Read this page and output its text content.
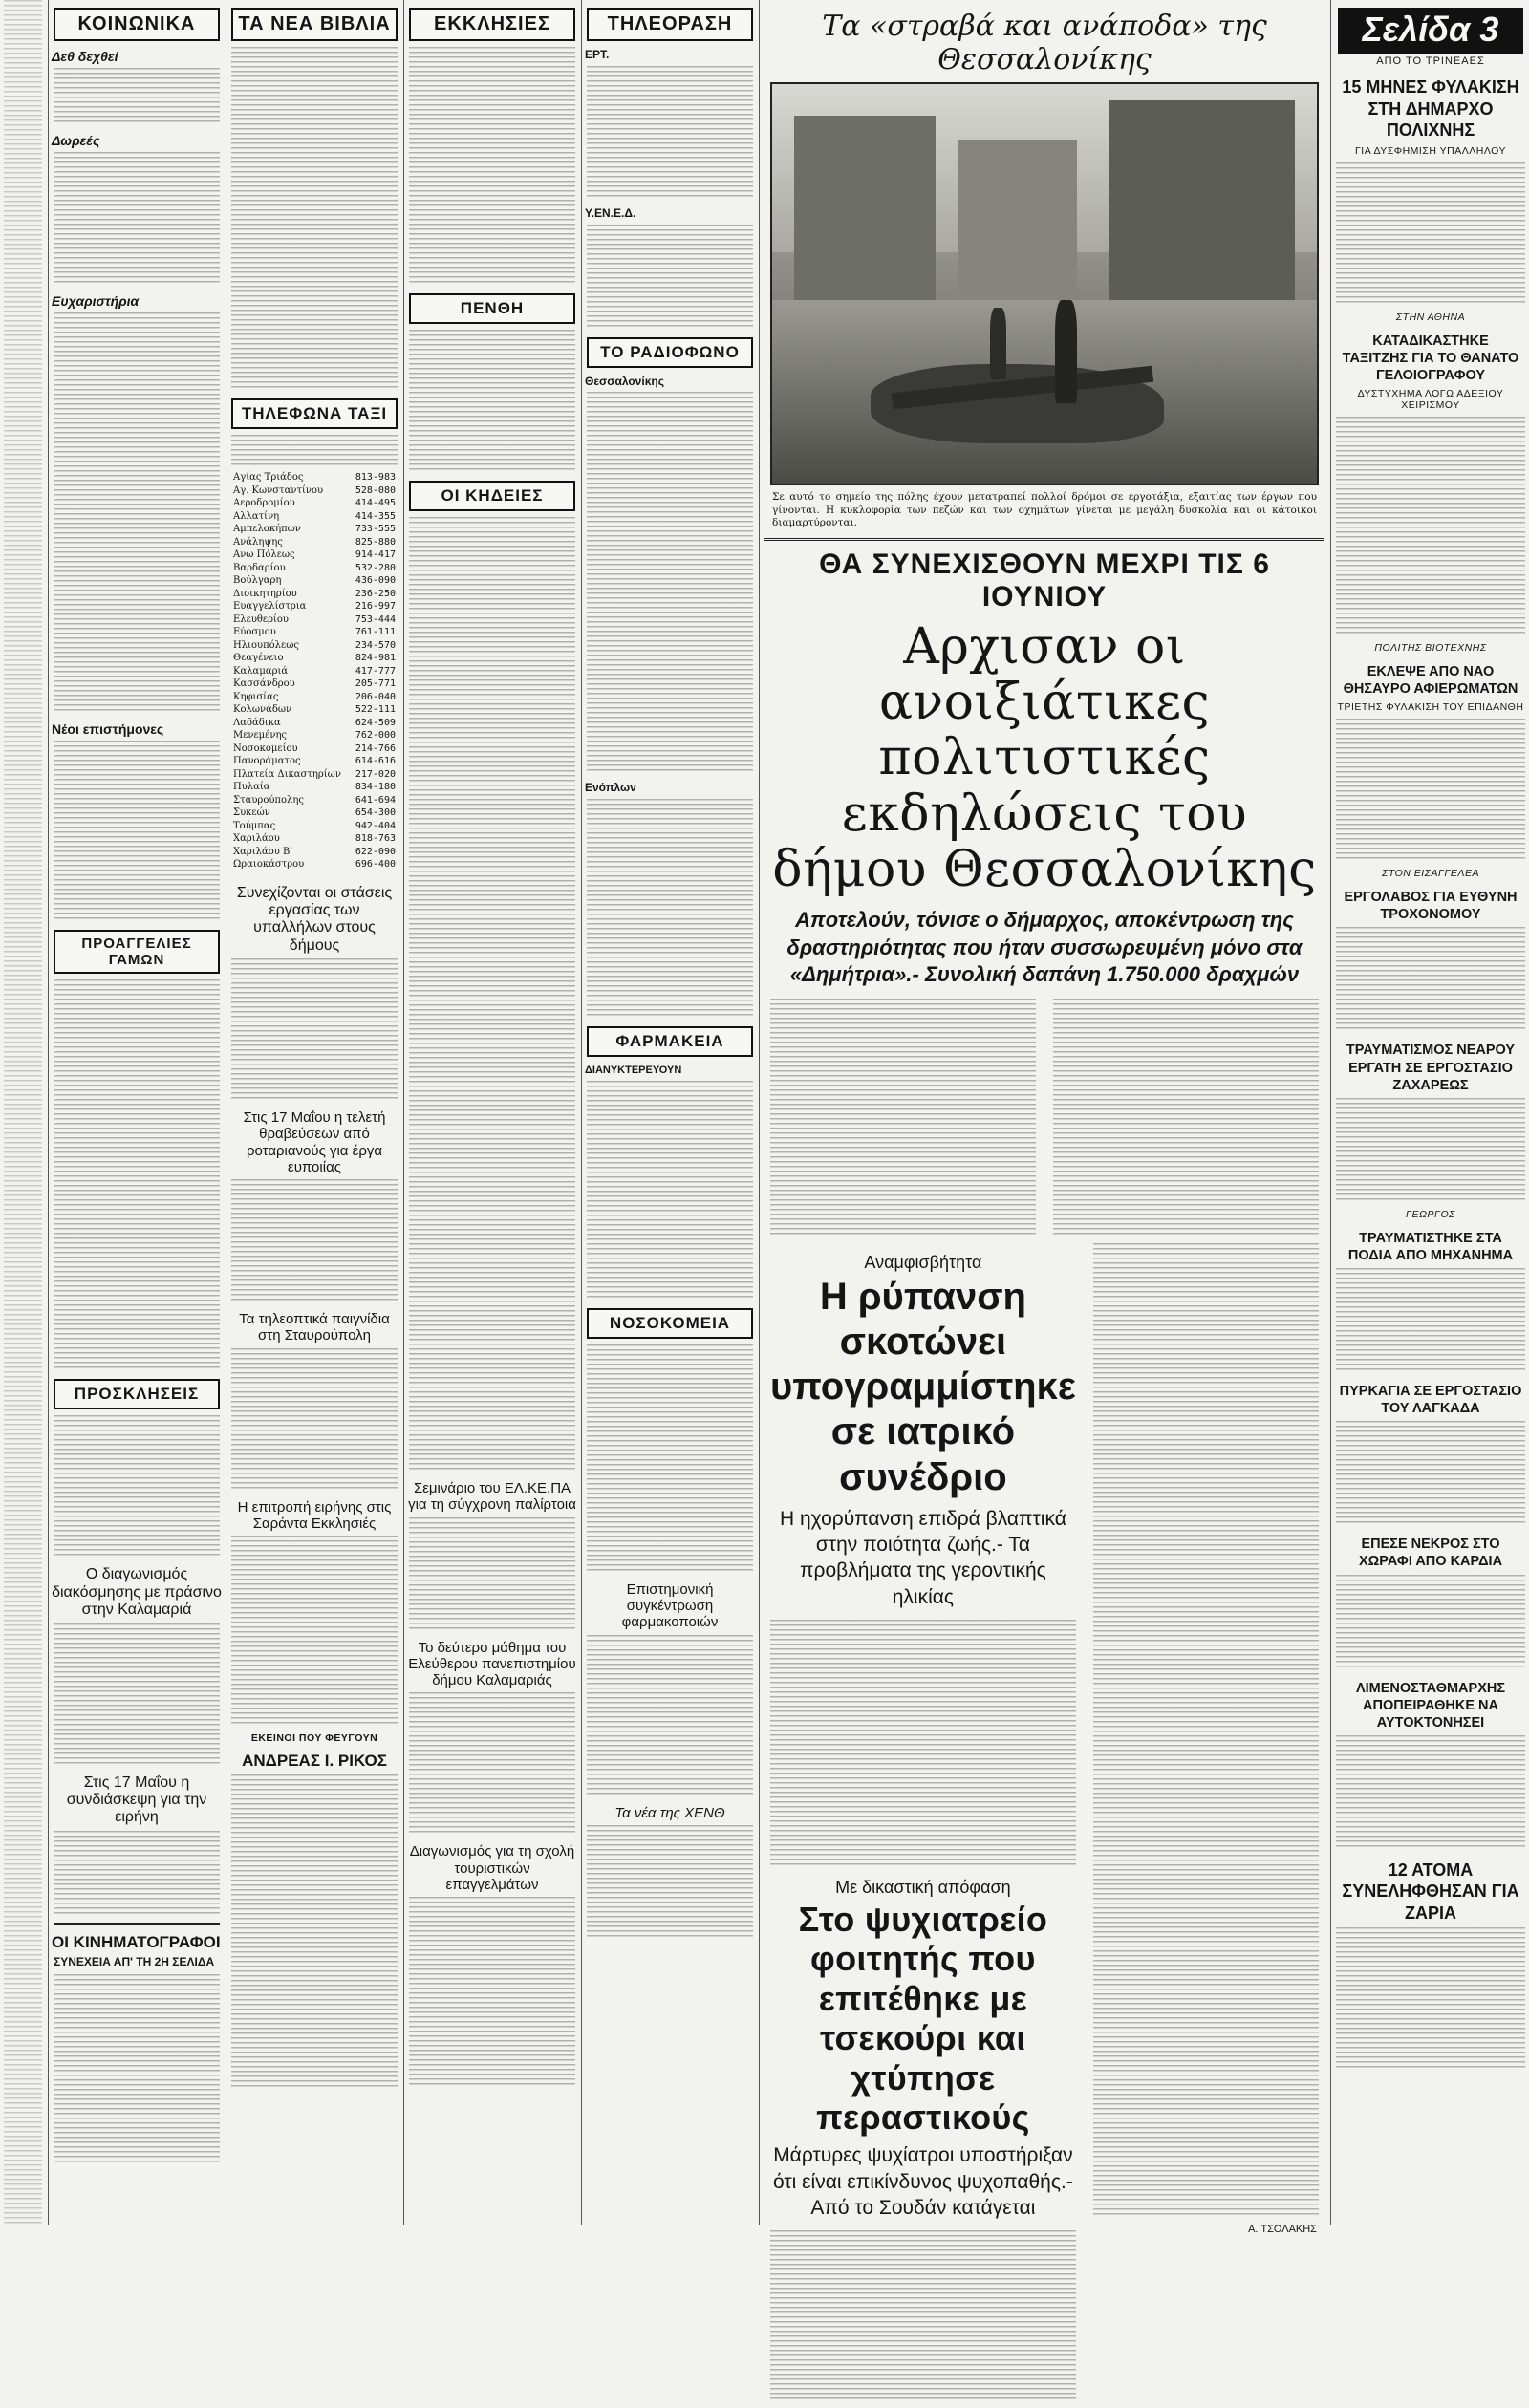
ΚΟΙΝΩΝΙΚΑ
Δεθ δεχθεί
Δωρεές
Ευχαριστήρια
Νέοι επιστήμονες
ΠΡΟΑΓΓΕΛΙΕΣ ΓΑΜΩΝ
ΠΡΟΣΚΛΗΣΕΙΣ
Ο διαγωνισμός διακόσμησης με πράσινο στην Καλαμαριά
Στις 17 Μαΐου η συνδιάσκεψη για την ειρήνη
ΟΙ ΚΙΝΗΜΑΤΟΓΡΑΦΟΙ
ΣΥΝΕΧΕΙΑ ΑΠ' ΤΗ 2Η ΣΕΛΙΔΑ
ΤΑ ΝΕΑ ΒΙΒΛΙΑ
ΤΗΛΕΦΩΝΑ ΤΑΞΙ
Αγίας Τριάδος	813-983
Αγ. Κωνσταντίνου	528-080
Αεροδρομίου	414-495
Αλλατίνη	414-355
Αμπελοκήπων	733-555
Ανάληψης	825-880
Ανω Πόλεως	914-417
Βαρδαρίου	532-280
Βούλγαρη	436-090
Διοικητηρίου	236-250
Ευαγγελίστρια	216-997
Ελευθερίου	753-444
Εύοσμου	761-111
Ηλιουπόλεως	234-570
Θεαγένειο	824-981
Καλαμαριά	417-777
Κασσάνδρου	205-771
Κηφισίας	206-040
Κολωνάδων	522-111
Λαδάδικα	624-509
Μενεμένης	762-000
Νοσοκομείου	214-766
Πανοράματος	614-616
Πλατεία Δικαστηρίων 217-020
Πυλαία	834-180
Σταυρούπολης	641-694
Συκεών	654-300
Τούμπας	942-404
Χαριλάου	818-763
Χαριλάου Β'	622-090
Ωραιοκάστρου	696-400
Συνεχίζονται οι στάσεις εργασίας των υπαλλήλων στους δήμους
Στις 17 Μαΐου η τελετή θραβεύσεων από ροταριανούς για έργα ευποιίας
Τα τηλεοπτικά παιγνίδια στη Σταυρούπολη
Η επιτροπή ειρήνης στις Σαράντα Εκκλησιές
ΕΚΕΙΝΟΙ ΠΟΥ ΦΕΥΓΟΥΝ
ΑΝΔΡΕΑΣ Ι. ΡΙΚΟΣ
ΕΚΚΛΗΣΙΕΣ
ΠΕΝΘΗ
ΟΙ ΚΗΔΕΙΕΣ
Σεμινάριο του ΕΛ.ΚΕ.ΠΑ για τη σύγχρονη παλίρτοια
Το δεύτερο μάθημα του Ελεύθερου πανεπιστημίου δήμου Καλαμαριάς
Διαγωνισμός για τη σχολή τουριστικών επαγγελμάτων
ΤΗΛΕΟΡΑΣΗ
ΕΡΤ.
Υ.ΕΝ.Ε.Δ.
ΤΟ ΡΑΔΙΟΦΩΝΟ
Θεσσαλονίκης
Ενόπλων
ΦΑΡΜΑΚΕΙΑ
ΔΙΑΝΥΚΤΕΡΕΥΟΥΝ
ΝΟΣΟΚΟΜΕΙΑ
Επιστημονική συγκέντρωση φαρμακοποιών
Τα νέα της ΧΕΝΘ
Τα «στραβά και ανάποδα» της Θεσσαλονίκης
Σε αυτό το σημείο της πόλης έχουν μετατραπεί πολλοί δρόμοι σε εργοτάξια, εξαιτίας των έργων που γίνονται. Η κυκλοφορία των πεζών και των οχημάτων γίνεται με μεγάλη δυσκολία και οι κάτοικοι διαμαρτύρονται.
ΘΑ ΣΥΝΕΧΙΣΘΟΥΝ ΜΕΧΡΙ ΤΙΣ 6 ΙΟΥΝΙΟΥ
Αρχισαν οι ανοιξιάτικες πολιτιστικές εκδηλώσεις του δήμου Θεσσαλονίκης
Αποτελούν, τόνισε ο δήμαρχος, αποκέντρωση της δραστηριότητας που ήταν συσσωρευμένη μόνο στα «Δημήτρια».- Συνολική δαπάνη 1.750.000 δραχμών
Αναμφισβήτητα
Η ρύπανση σκοτώνει υπογραμμίστηκε σε ιατρικό συνέδριο
Η ηχορύπανση επιδρά βλαπτικά στην ποιότητα ζωής.- Τα προβλήματα της γεροντικής ηλικίας
Με δικαστική απόφαση
Στο ψυχιατρείο φοιτητής που επιτέθηκε με τσεκούρι και χτύπησε περαστικούς
Μάρτυρες ψυχίατροι υποστήριξαν ότι είναι επικίνδυνος ψυχοπαθής.- Από το Σουδάν κατάγεται
Α. ΤΣΟΛΑΚΗΣ
Σελίδα 3
ΑΠΟ ΤΟ ΤΡΙΝΕΑΕΣ
15 ΜΗΝΕΣ ΦΥΛΑΚΙΣΗ ΣΤΗ ΔΗΜΑΡΧΟ ΠΟΛΙΧΝΗΣ
ΓΙΑ ΔΥΣΦΗΜΙΣΗ ΥΠΑΛΛΗΛΟΥ
ΣΤΗΝ ΑΘΗΝΑ
ΚΑΤΑΔΙΚΑΣΤΗΚΕ ΤΑΞΙΤΖΗΣ ΓΙΑ ΤΟ ΘΑΝΑΤΟ ΓΕΛΟΙΟΓΡΑΦΟΥ
ΔΥΣΤΥΧΗΜΑ ΛΟΓΩ ΑΔΕΞΙΟΥ ΧΕΙΡΙΣΜΟΥ
ΠΟΛΙΤΗΣ ΒΙΟΤΕΧΝΗΣ
ΕΚΛΕΨΕ ΑΠΟ ΝΑΟ ΘΗΣΑΥΡΟ ΑΦΙΕΡΩΜΑΤΩΝ
ΤΡΙΕΤΗΣ ΦΥΛΑΚΙΣΗ ΤΟΥ ΕΠΙΔΑΝΘΗ
ΣΤΟΝ ΕΙΣΑΓΓΕΛΕΑ
ΕΡΓΟΛΑΒΟΣ ΓΙΑ ΕΥΘΥΝΗ ΤΡΟΧΟΝΟΜΟΥ
ΤΡΑΥΜΑΤΙΣΜΟΣ ΝΕΑΡΟΥ ΕΡΓΑΤΗ ΣΕ ΕΡΓΟΣΤΑΣΙΟ ΖΑΧΑΡΕΩΣ
ΓΕΩΡΓΟΣ
ΤΡΑΥΜΑΤΙΣΤΗΚΕ ΣΤΑ ΠΟΔΙΑ ΑΠΟ ΜΗΧΑΝΗΜΑ
ΠΥΡΚΑΓΙΑ ΣΕ ΕΡΓΟΣΤΑΣΙΟ ΤΟΥ ΛΑΓΚΑΔΑ
ΕΠΕΣΕ ΝΕΚΡΟΣ ΣΤΟ ΧΩΡΑΦΙ ΑΠΟ ΚΑΡΔΙΑ
ΛΙΜΕΝΟΣΤΑΘΜΑΡΧΗΣ ΑΠΟΠΕΙΡΑΘΗΚΕ ΝΑ ΑΥΤΟΚΤΟΝΗΣΕΙ
12 ΑΤΟΜΑ ΣΥΝΕΛΗΦΘΗΣΑΝ ΓΙΑ ΖΑΡΙΑ
